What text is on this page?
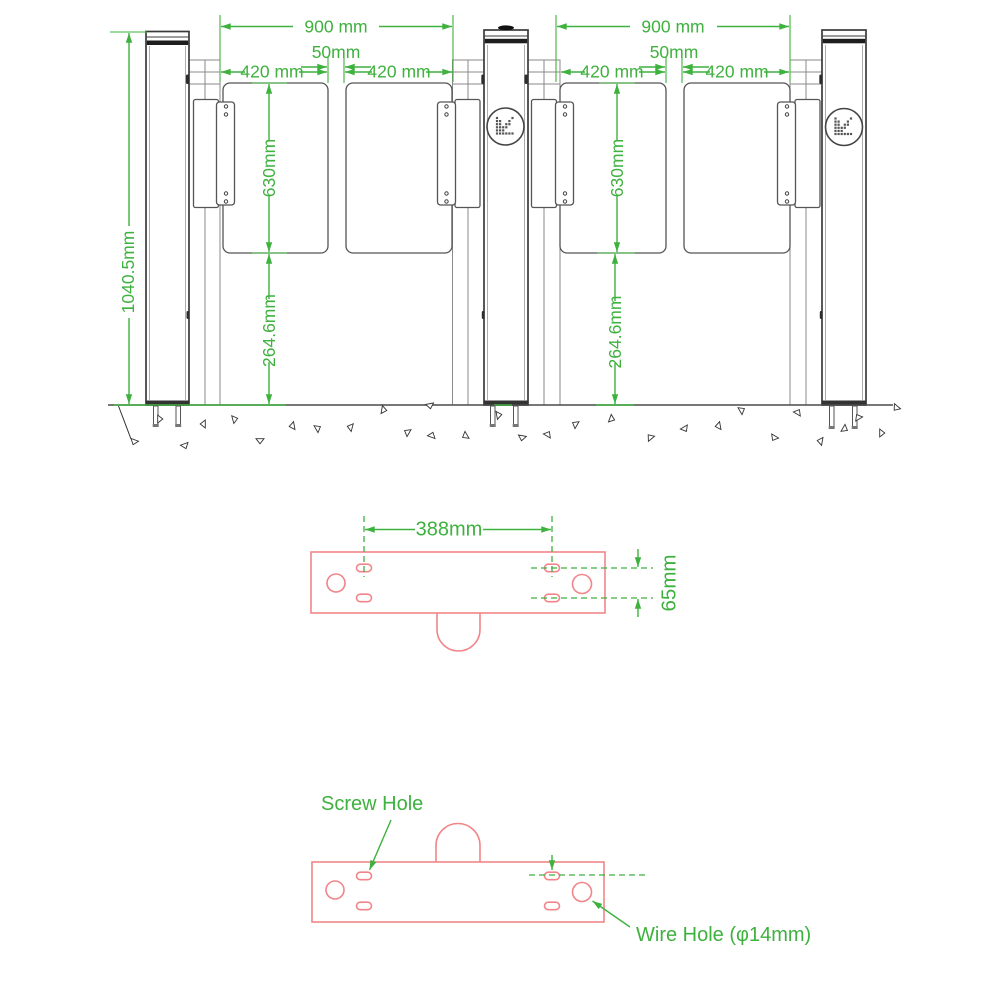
900 mm	900 mm
50mm	50mm
420 mm	420 mm	420 mm	420 mm
630mm	630mm
264.6mm	264.6mm
1040.5mm
388mm
65mm
Screw Hole
Wire Hole (φ14mm)
